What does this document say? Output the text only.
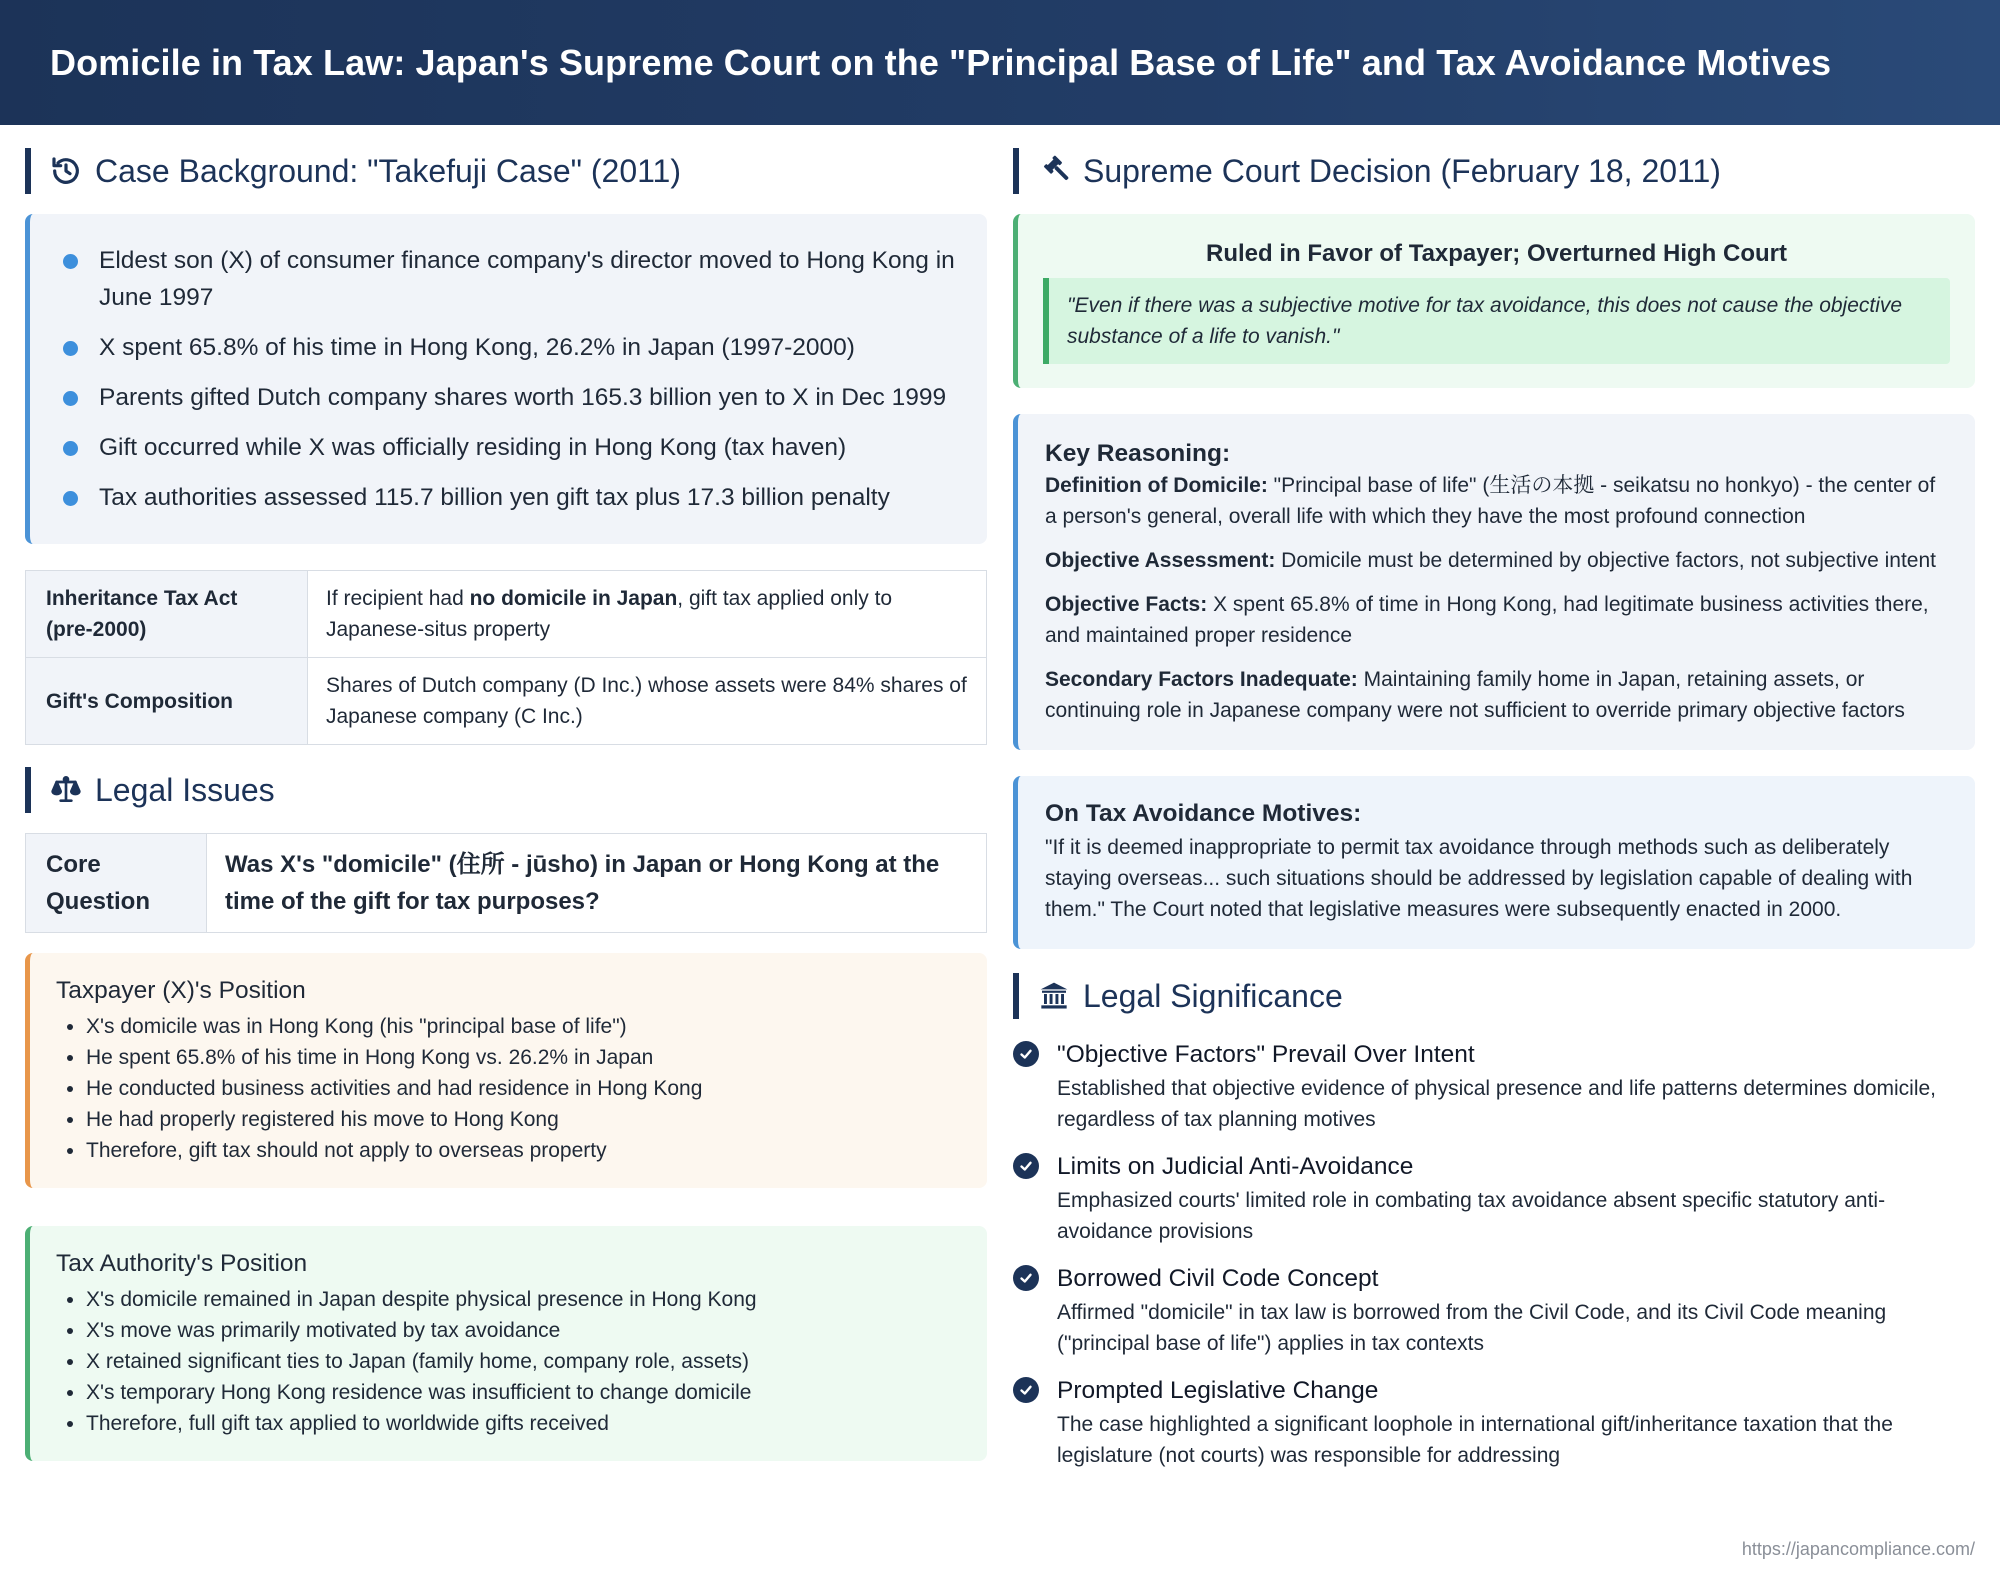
Domicile in Tax Law: Japan's Supreme Court on the "Principal Base of Life" and Tax Avoidance Motives
Case Background: "Takefuji Case" (2011)
Eldest son (X) of consumer finance company's director moved to Hong Kong in June 1997
X spent 65.8% of his time in Hong Kong, 26.2% in Japan (1997-2000)
Parents gifted Dutch company shares worth 165.3 billion yen to X in Dec 1999
Gift occurred while X was officially residing in Hong Kong (tax haven)
Tax authorities assessed 115.7 billion yen gift tax plus 17.3 billion penalty
Inheritance Tax Act (pre-2000)	If recipient had no domicile in Japan, gift tax applied only to Japanese-situs property
Gift's Composition	Shares of Dutch company (D Inc.) whose assets were 84% shares of Japanese company (C Inc.)
Legal Issues
Core Question	Was X's "domicile" (住所 - jūsho) in Japan or Hong Kong at the time of the gift for tax purposes?
Taxpayer (X)'s Position
• X's domicile was in Hong Kong (his "principal base of life")
• He spent 65.8% of his time in Hong Kong vs. 26.2% in Japan
• He conducted business activities and had residence in Hong Kong
• He had properly registered his move to Hong Kong
• Therefore, gift tax should not apply to overseas property
Tax Authority's Position
• X's domicile remained in Japan despite physical presence in Hong Kong
• X's move was primarily motivated by tax avoidance
• X retained significant ties to Japan (family home, company role, assets)
• X's temporary Hong Kong residence was insufficient to change domicile
• Therefore, full gift tax applied to worldwide gifts received
Supreme Court Decision (February 18, 2011)
Ruled in Favor of Taxpayer; Overturned High Court
"Even if there was a subjective motive for tax avoidance, this does not cause the objective substance of a life to vanish."
Key Reasoning:

Definition of Domicile: "Principal base of life" (生活の本拠 - seikatsu no honkyo) - the center of a person's general, overall life with which they have the most profound connection

Objective Assessment: Domicile must be determined by objective factors, not subjective intent

Objective Facts: X spent 65.8% of time in Hong Kong, had legitimate business activities there, and maintained proper residence

Secondary Factors Inadequate: Maintaining family home in Japan, retaining assets, or continuing role in Japanese company were not sufficient to override primary objective factors

On Tax Avoidance Motives:

"If it is deemed inappropriate to permit tax avoidance through methods such as deliberately staying overseas... such situations should be addressed by legislation capable of dealing with them." The Court noted that legislative measures were subsequently enacted in 2000.

Legal Significance
"Objective Factors" Prevail Over Intent

Established that objective evidence of physical presence and life patterns determines domicile, regardless of tax planning motives

Limits on Judicial Anti-Avoidance

Emphasized courts' limited role in combating tax avoidance absent specific statutory anti-avoidance provisions

Borrowed Civil Code Concept

Affirmed "domicile" in tax law is borrowed from the Civil Code, and its Civil Code meaning ("principal base of life") applies in tax contexts

Prompted Legislative Change

The case highlighted a significant loophole in international gift/inheritance taxation that the legislature (not courts) was responsible for addressing

https://japancompliance.com/
